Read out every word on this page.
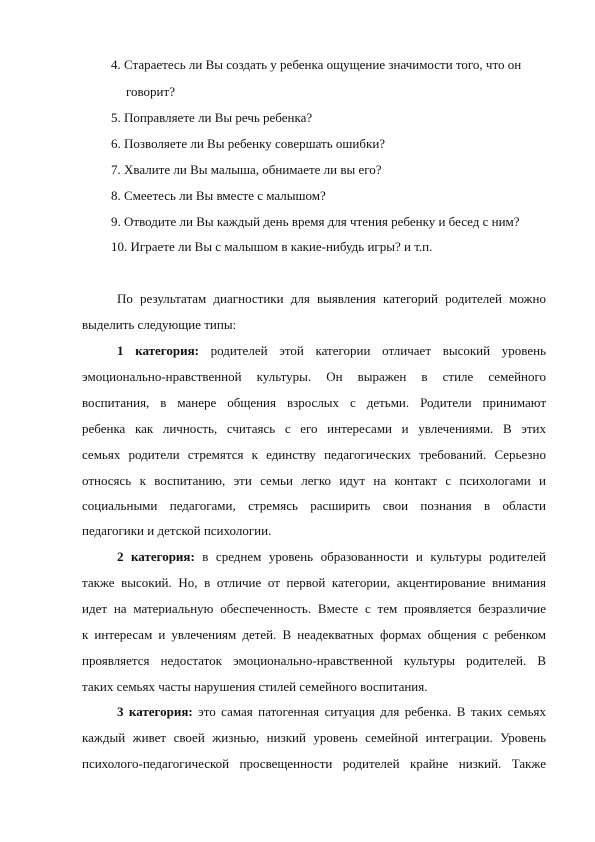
4. Стараетесь ли Вы создать у ребенка ощущение значимости того, что он
говорит?
5. Поправляете ли Вы речь ребенка?
6. Позволяете ли Вы ребенку совершать ошибки?
7. Хвалите ли Вы малыша, обнимаете ли вы его?
8. Смеетесь ли Вы вместе с малышом?
9. Отводите ли Вы каждый день время для чтения ребенку и бесед с ним?
10. Играете ли Вы с малышом в какие-нибудь игры? и т.п.
По результатам диагностики для выявления категорий родителей можно
выделить следующие типы:
1 категория: родителей этой категории отличает высокий уровень
эмоционально-нравственной культуры. Он выражен в стиле семейного
воспитания, в манере общения взрослых с детьми. Родители принимают
ребенка как личность, считаясь с его интересами и увлечениями. В этих
семьях родители стремятся к единству педагогических требований. Серьезно
относясь к воспитанию, эти семьи легко идут на контакт с психологами и
социальными педагогами, стремясь расширить свои познания в области
педагогики и детской психологии.
2 категория: в среднем уровень образованности и культуры родителей
также высокий. Но, в отличие от первой категории, акцентирование внимания
идет на материальную обеспеченность. Вместе с тем проявляется безразличие
к интересам и увлечениям детей. В неадекватных формах общения с ребенком
проявляется недостаток эмоционально-нравственной культуры родителей. В
таких семьях часты нарушения стилей семейного воспитания.
3 категория: это самая патогенная ситуация для ребенка. В таких семьях
каждый живет своей жизнью, низкий уровень семейной интеграции. Уровень
психолого-педагогической просвещенности родителей крайне низкий. Также
